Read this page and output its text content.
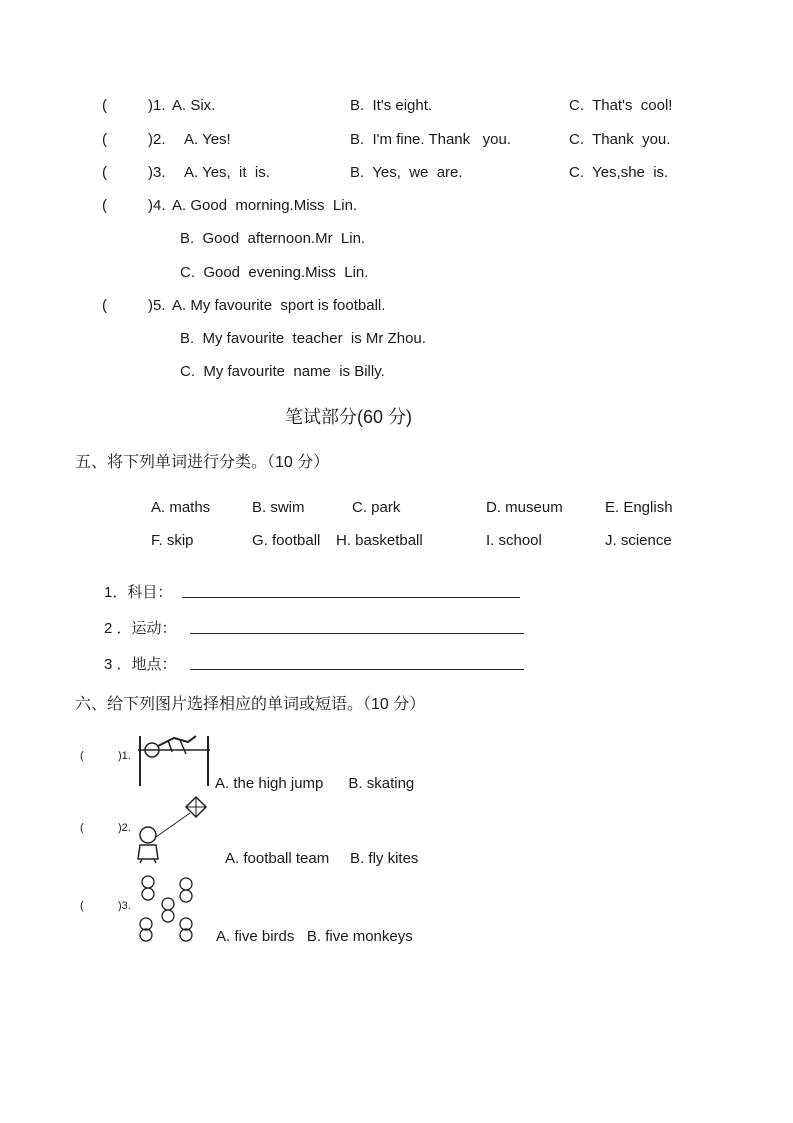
(	)1. A. Six.	B.  It's eight.	C.  That's  cool!
(	)2. A. Yes!	B.  I'm fine. Thank   you.	C.  Thank  you.
(	)3. A. Yes,  it  is.	B.  Yes,  we  are.	C.  Yes,she  is.
(	)4. A. Good  morning.Miss  Lin.
B.  Good  afternoon.Mr  Lin.
C.  Good  evening.Miss  Lin.
(	)5. A. My favourite  sport is football.
B.  My favourite  teacher  is Mr Zhou.
C.  My favourite  name  is Billy.
笔试部分(60 分)
五、将下列单词进行分类。（10 分）
A. maths	B. swim	C. park	D. museum	E. English
F. skip	G. football H. basketball	I. school	J. science
1．科目：
2 ．运动：
3 ．地点：
六、给下列图片选择相应的单词或短语。（10 分）
(	)1.
A. the high jump      B. skating
(	)2.
A. football team     B. fly kites
(	)3.
A. five birds   B. five monkeys
